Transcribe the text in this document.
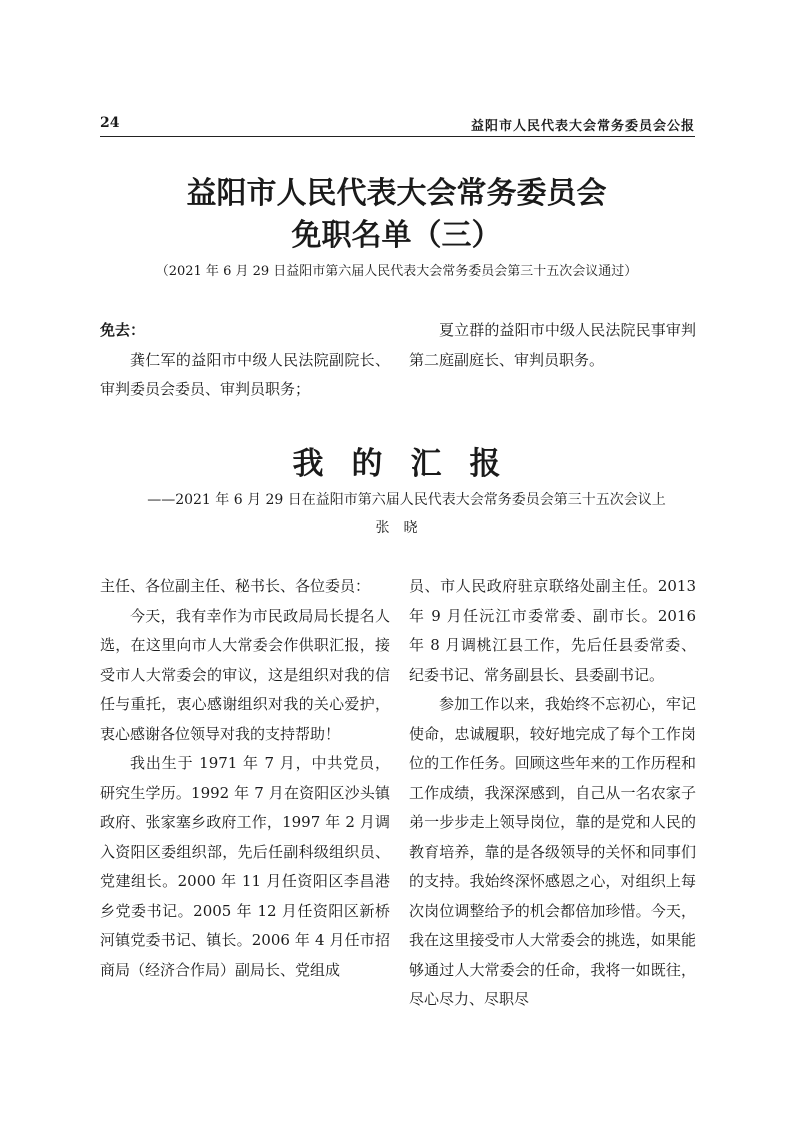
24	益阳市人民代表大会常务委员会公报
益阳市人民代表大会常务委员会
免职名单（三）
（2021 年 6 月 29 日益阳市第六届人民代表大会常务委员会第三十五次会议通过）

免去：

龚仁军的益阳市中级人民法院副院长、审判委员会委员、审判员职务；

夏立群的益阳市中级人民法院民事审判第二庭副庭长、审判员职务。

我的汇报
——2021 年 6 月 29 日在益阳市第六届人民代表大会常务委员会第三十五次会议上
张晓

主任、各位副主任、秘书长、各位委员：

今天，我有幸作为市民政局局长提名人选，在这里向市人大常委会作供职汇报，接受市人大常委会的审议，这是组织对我的信任与重托，衷心感谢组织对我的关心爱护，衷心感谢各位领导对我的支持帮助！

我出生于 1971 年 7 月，中共党员，研究生学历。1992 年 7 月在资阳区沙头镇政府、张家塞乡政府工作，1997 年 2 月调入资阳区委组织部，先后任副科级组织员、党建组长。2000 年 11 月任资阳区李昌港乡党委书记。2005 年 12 月任资阳区新桥河镇党委书记、镇长。2006 年 4 月任市招商局（经济合作局）副局长、党组成

员、市人民政府驻京联络处副主任。2013 年 9 月任沅江市委常委、副市长。2016 年 8 月调桃江县工作，先后任县委常委、纪委书记、常务副县长、县委副书记。

参加工作以来，我始终不忘初心，牢记使命，忠诚履职，较好地完成了每个工作岗位的工作任务。回顾这些年来的工作历程和工作成绩，我深深感到，自己从一名农家子弟一步步走上领导岗位，靠的是党和人民的教育培养，靠的是各级领导的关怀和同事们的支持。我始终深怀感恩之心，对组织上每次岗位调整给予的机会都倍加珍惜。今天，我在这里接受市人大常委会的挑选，如果能够通过人大常委会的任命，我将一如既往，尽心尽力、尽职尽
